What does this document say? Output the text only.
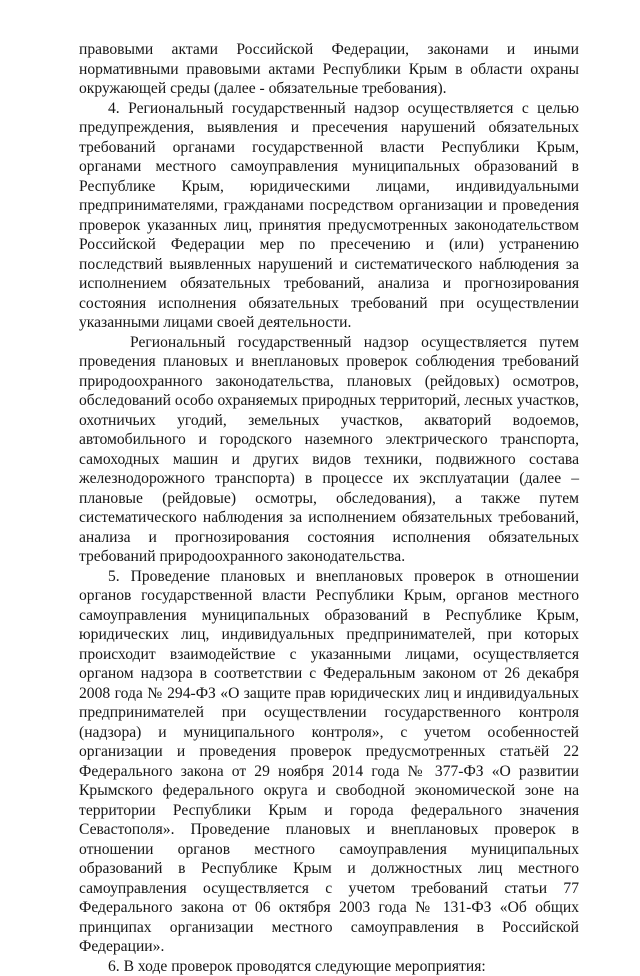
правовыми актами Российской Федерации, законами и иными нормативными правовыми актами Республики Крым в области охраны окружающей среды (далее - обязательные требования).

4. Региональный государственный надзор осуществляется с целью предупреждения, выявления и пресечения нарушений обязательных требований органами государственной власти Республики Крым, органами местного самоуправления муниципальных образований в Республике Крым, юридическими лицами, индивидуальными предпринимателями, гражданами посредством организации и проведения проверок указанных лиц, принятия предусмотренных законодательством Российской Федерации мер по пресечению и (или) устранению последствий выявленных нарушений и систематического наблюдения за исполнением обязательных требований, анализа и прогнозирования состояния исполнения обязательных требований при осуществлении указанными лицами своей деятельности.

Региональный государственный надзор осуществляется путем проведения плановых и внеплановых проверок соблюдения требований природоохранного законодательства, плановых (рейдовых) осмотров, обследований особо охраняемых природных территорий, лесных участков, охотничьих угодий, земельных участков, акваторий водоемов, автомобильного и городского наземного электрического транспорта, самоходных машин и других видов техники, подвижного состава железнодорожного транспорта) в процессе их эксплуатации (далее – плановые (рейдовые) осмотры, обследования), а также путем систематического наблюдения за исполнением обязательных требований, анализа и прогнозирования состояния исполнения обязательных требований природоохранного законодательства.

5. Проведение плановых и внеплановых проверок в отношении органов государственной власти Республики Крым, органов местного самоуправления муниципальных образований в Республике Крым, юридических лиц, индивидуальных предпринимателей, при которых происходит взаимодействие с указанными лицами, осуществляется органом надзора в соответствии с Федеральным законом от 26 декабря 2008 года № 294-ФЗ «О защите прав юридических лиц и индивидуальных предпринимателей при осуществлении государственного контроля (надзора) и муниципального контроля», с учетом особенностей организации и проведения проверок предусмотренных статьёй 22 Федерального закона от 29 ноября 2014 года № 377-ФЗ «О развитии Крымского федерального округа и свободной экономической зоне на территории Республики Крым и города федерального значения Севастополя». Проведение плановых и внеплановых проверок в отношении органов местного самоуправления муниципальных образований в Республике Крым и должностных лиц местного самоуправления осуществляется с учетом требований статьи 77 Федерального закона от 06 октября 2003 года № 131-ФЗ «Об общих принципах организации местного самоуправления в Российской Федерации».

6. В ходе проверок проводятся следующие мероприятия:
